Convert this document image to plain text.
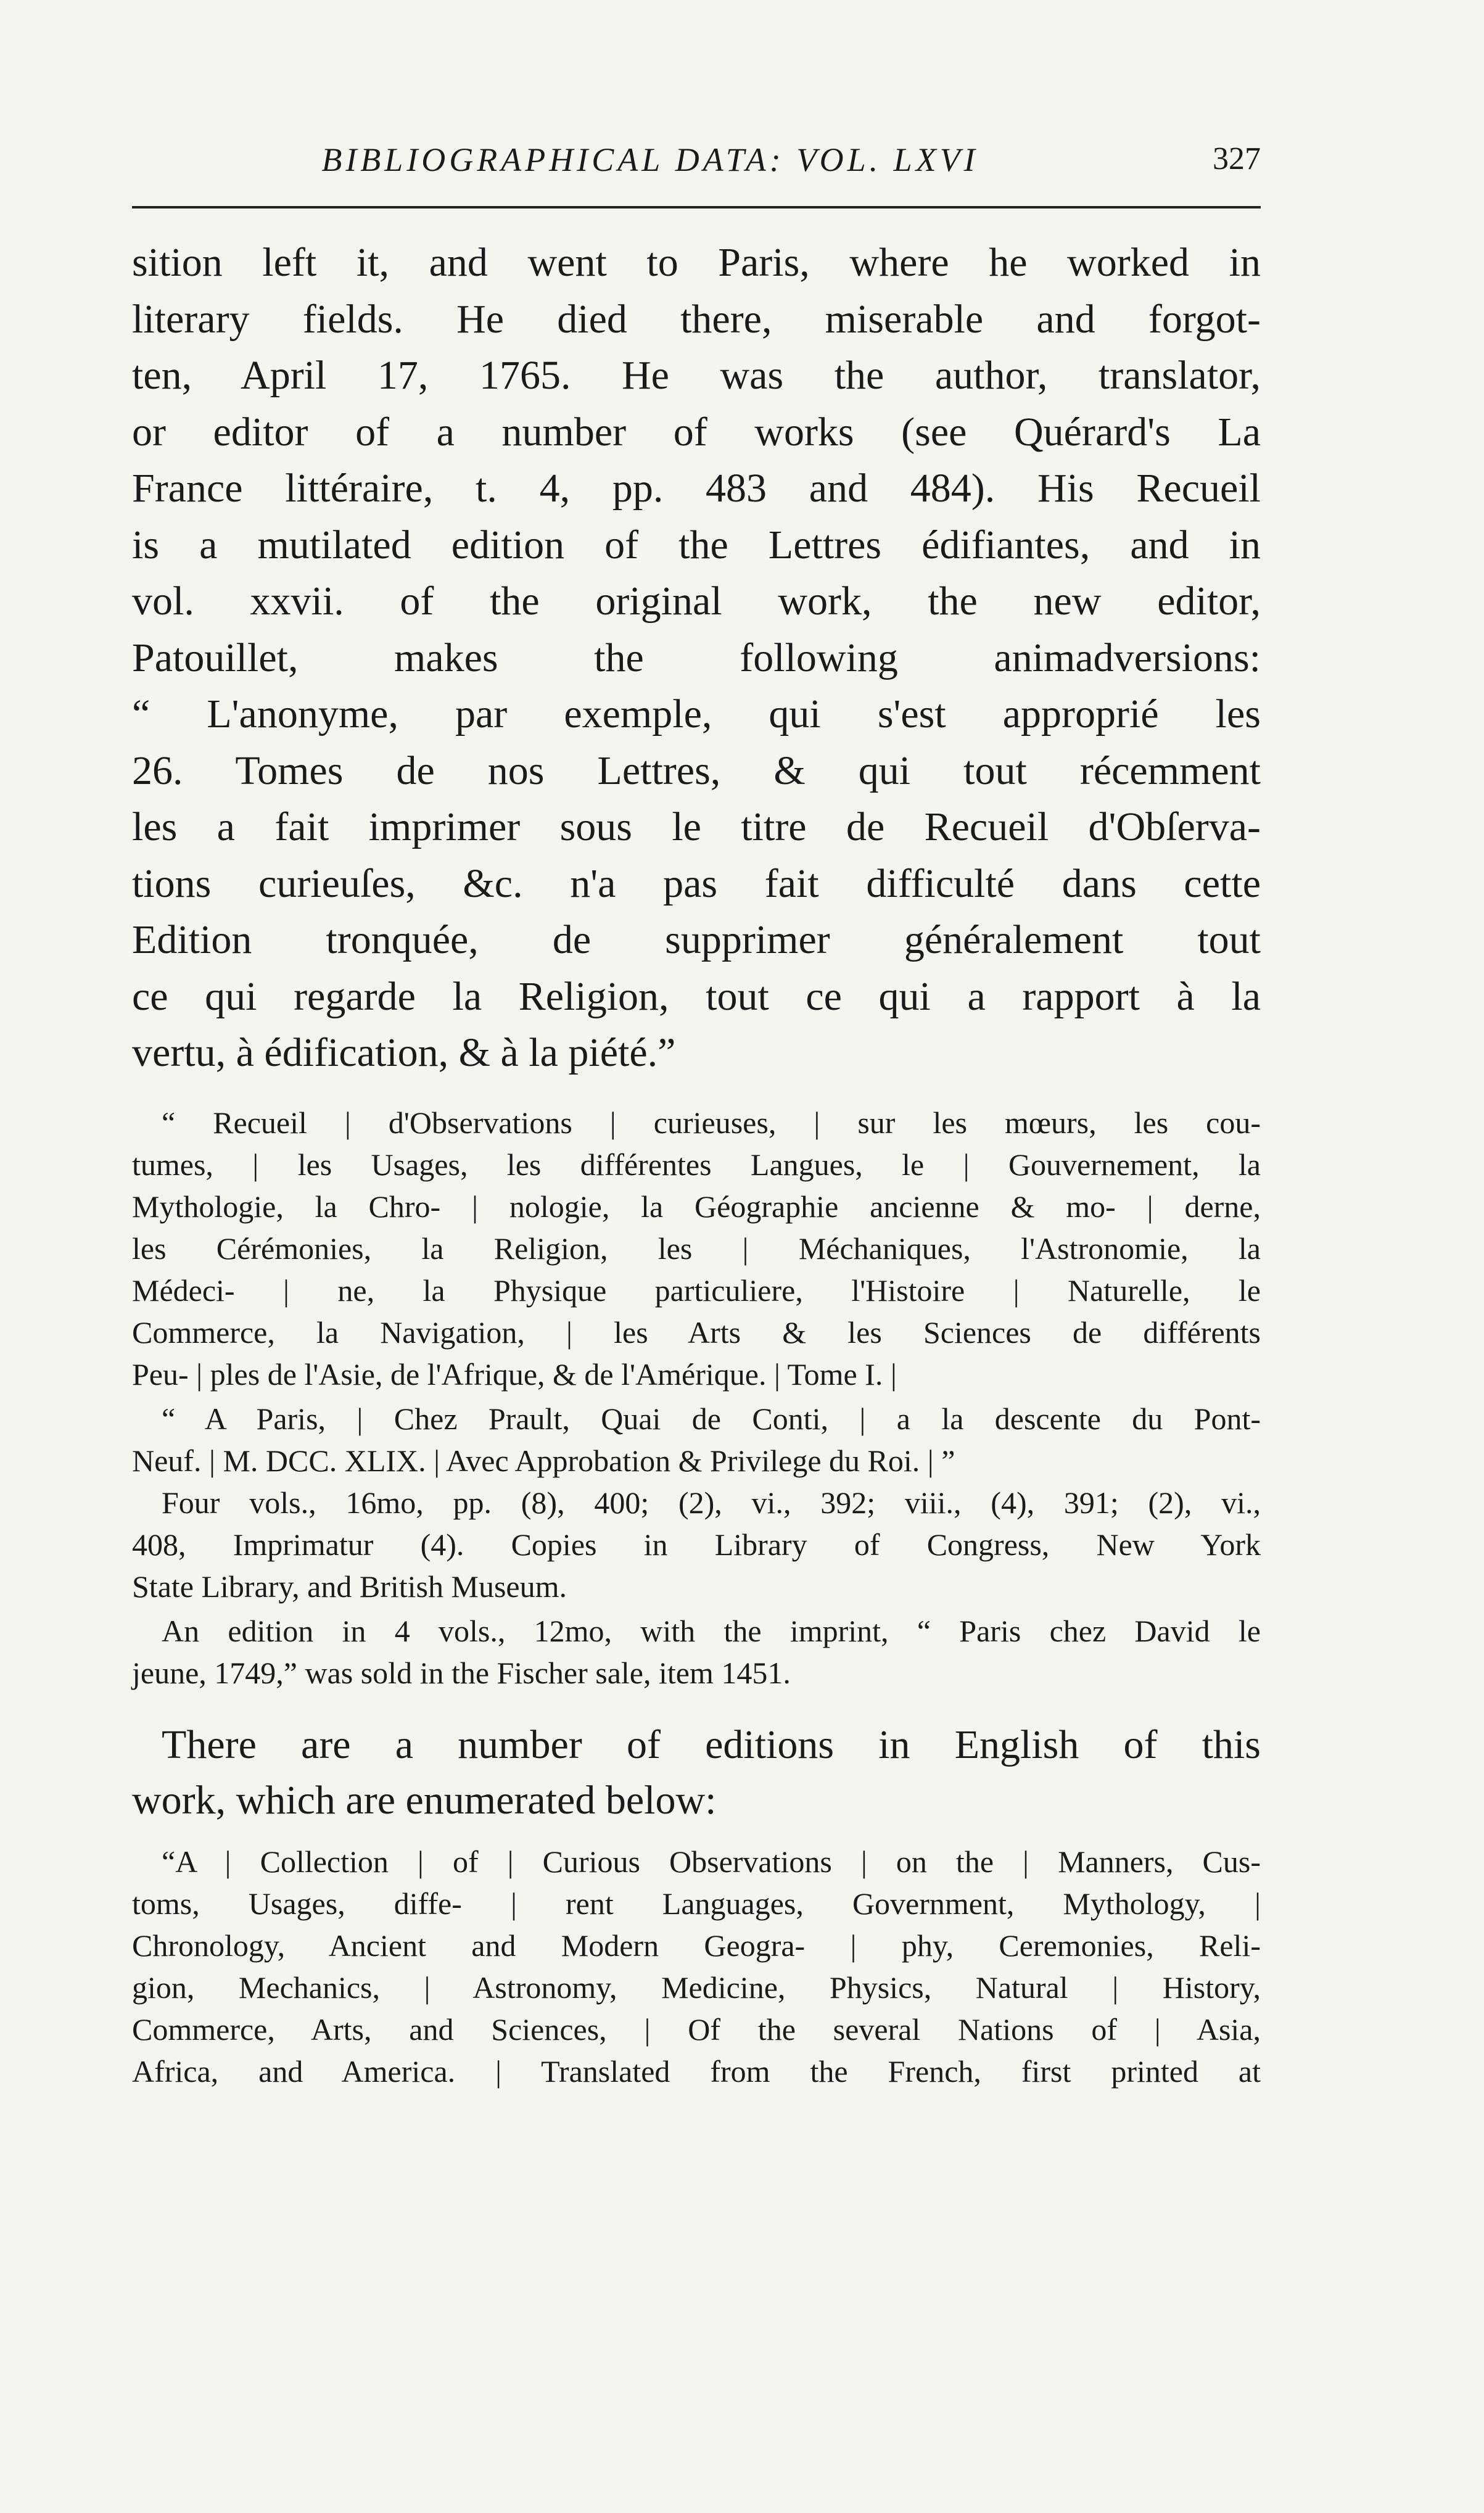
BIBLIOGRAPHICAL DATA: VOL. LXVI	327
sition left it, and went to Paris, where he worked in
literary fields. He died there, miserable and forgot-
ten, April 17, 1765. He was the author, translator,
or editor of a number of works (see Quérard's La
France littéraire, t. 4, pp. 483 and 484). His Recueil
is a mutilated edition of the Lettres édifiantes, and in
vol. xxvii. of the original work, the new editor,
Patouillet, makes the following animadversions:
“ L'anonyme, par exemple, qui s'est approprié les
26. Tomes de nos Lettres, & qui tout récemment
les a fait imprimer sous le titre de Recueil d'Obſerva-
tions curieuſes, &c. n'a pas fait difficulté dans cette
Edition tronquée, de supprimer généralement tout
ce qui regarde la Religion, tout ce qui a rapport à la
vertu, à édification, & à la piété.”
“ Recueil | d'Observations | curieuses, | sur les mœurs, les cou-
tumes, | les Usages, les différentes Langues, le | Gouvernement, la
Mythologie, la Chro- | nologie, la Géographie ancienne & mo- | derne,
les Cérémonies, la Religion, les | Méchaniques, l'Astronomie, la
Médeci- | ne, la Physique particuliere, l'Histoire | Naturelle, le
Commerce, la Navigation, | les Arts & les Sciences de différents
Peu- | ples de l'Asie, de l'Afrique, & de l'Amérique. | Tome I. |
“ A Paris, | Chez Prault, Quai de Conti, | a la descente du Pont-
Neuf. | M. DCC. XLIX. | Avec Approbation & Privilege du Roi. | ”
Four vols., 16mo, pp. (8), 400; (2), vi., 392; viii., (4), 391; (2), vi.,
408, Imprimatur (4). Copies in Library of Congress, New York
State Library, and British Museum.
An edition in 4 vols., 12mo, with the imprint, “ Paris chez David le
jeune, 1749,” was sold in the Fischer sale, item 1451.
There are a number of editions in English of this
work, which are enumerated below:
“A | Collection | of | Curious Observations | on the | Manners, Cus-
toms, Usages, diffe- | rent Languages, Government, Mythology, |
Chronology, Ancient and Modern Geogra- | phy, Ceremonies, Reli-
gion, Mechanics, | Astronomy, Medicine, Physics, Natural | History,
Commerce, Arts, and Sciences, | Of the several Nations of | Asia,
Africa, and America. | Translated from the French, first printed at
